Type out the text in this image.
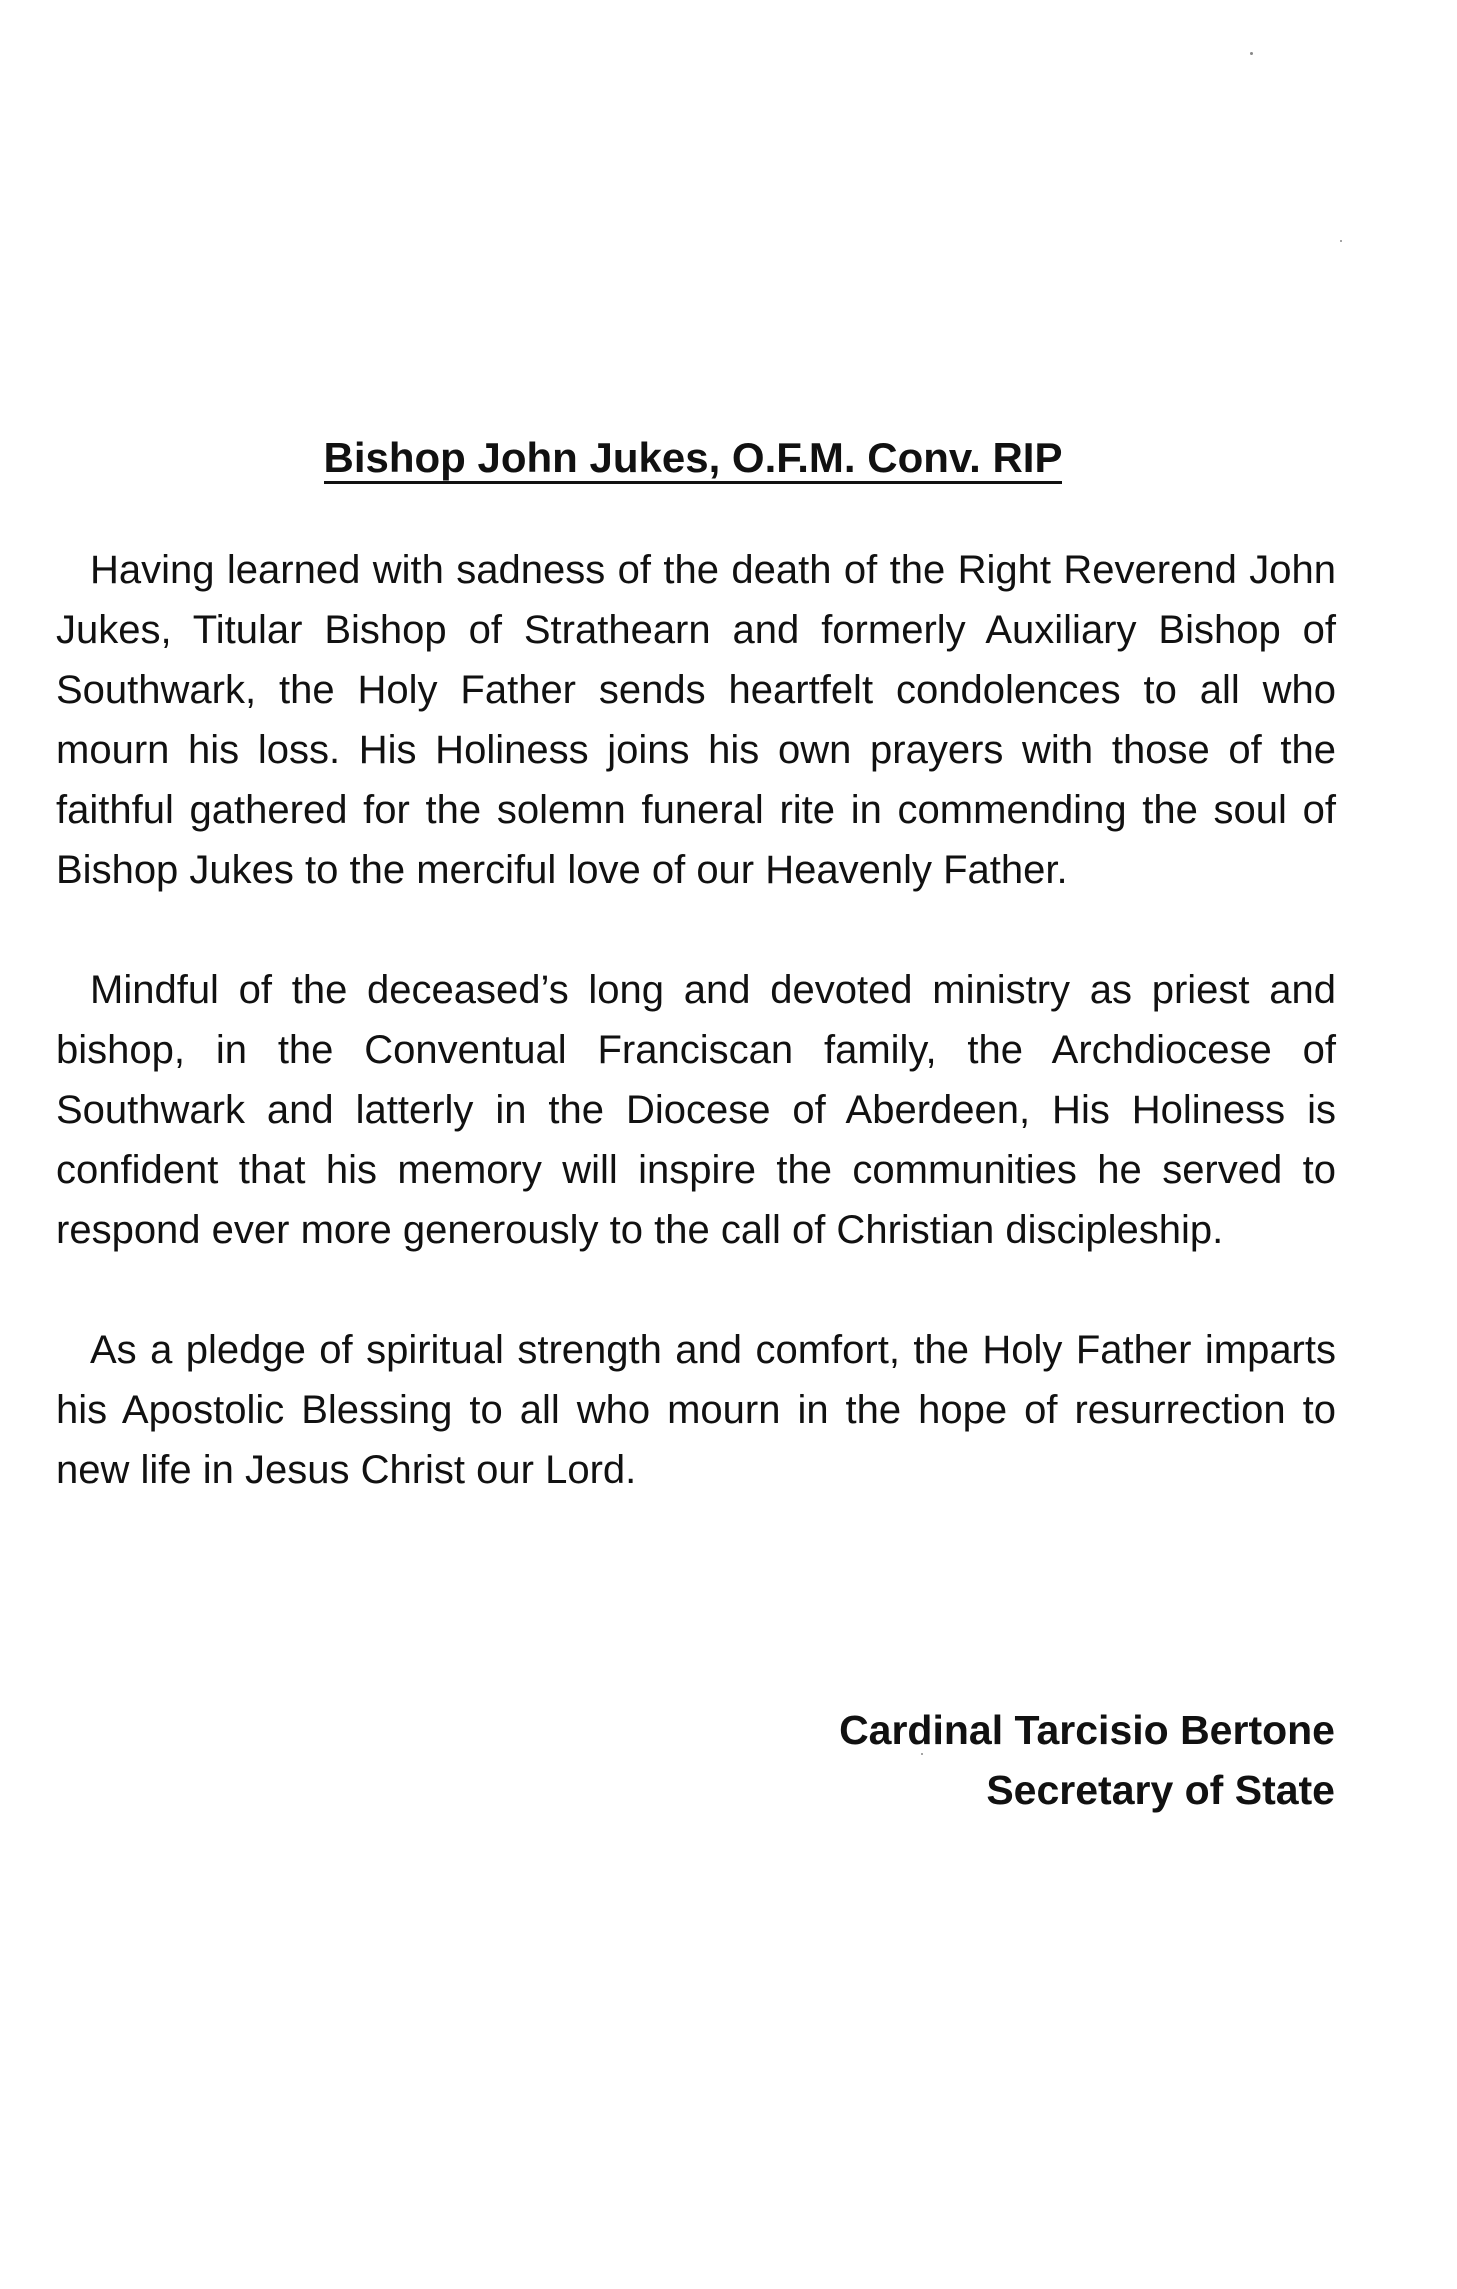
Bishop John Jukes, O.F.M. Conv. RIP

Having learned with sadness of the death of the Right Reverend John Jukes, Titular Bishop of Strathearn and formerly Auxiliary Bishop of Southwark, the Holy Father sends heartfelt condolences to all who mourn his loss. His Holiness joins his own prayers with those of the faithful gathered for the solemn funeral rite in commending the soul of Bishop Jukes to the merciful love of our Heavenly Father.

Mindful of the deceased’s long and devoted ministry as priest and bishop, in the Conventual Franciscan family, the Archdiocese of Southwark and latterly in the Diocese of Aberdeen, His Holiness is confident that his memory will inspire the communities he served to respond ever more generously to the call of Christian discipleship.

As a pledge of spiritual strength and comfort, the Holy Father imparts his Apostolic Blessing to all who mourn in the hope of resurrection to new life in Jesus Christ our Lord.

Cardinal Tarcisio Bertone
Secretary of State
